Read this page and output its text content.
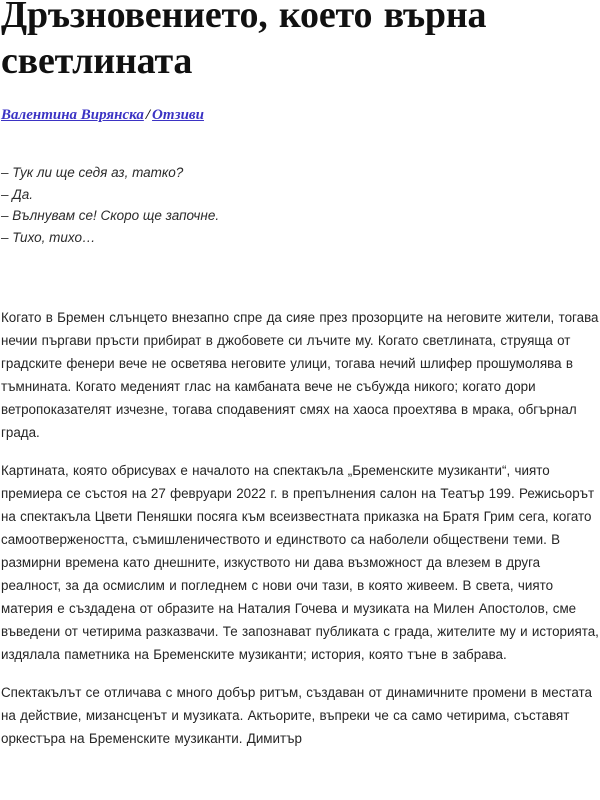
Дръзновението, което върна светлината

Валентина Вирянска / Отзиви

– Тук ли ще седя аз, татко?
– Да.
– Вълнувам се! Скоро ще започне.
– Тихо, тихо…

Когато в Бремен слънцето внезапно спре да сияе през прозорците на неговите жители, тогава нечии пъргави пръсти прибират в джобовете си лъчите му. Когато светлината, струяща от градските фенери вече не осветява неговите улици, тогава нечий шлифер прошумолява в тъмнината. Когато медeният глас на камбаната вече не събужда никого; когато дори ветропоказателят изчезне, тогава сподавеният смях на хаоса проехтява в мрака, обгърнал града.

Картината, която обрисувах е началото на спектакъла „Бременските музиканти“, чиято премиера се състоя на 27 февруари 2022 г. в препълнения салон на Театър 199. Режисьорът на спектакъла Цвети Пеняшки посяга към всеизвестната приказка на Братя Грим сега, когато самоотвержеността, съмишленичеството и единството са наболели обществени теми. В размирни времена като днешните, изкуството ни дава възможност да влезем в друга реалност, за да осмислим и погледнем с нови очи тази, в която живеем. В света, чиято материя е създадена от образите на Наталия Гочева и музиката на Милен Апостолов, сме въведени от четирима разказвачи. Те запознават публиката с града, жителите му и историята, издялала паметника на Бременските музиканти; история, която тъне в забрава.

Спектакълът се отличава с много добър ритъм, създаван от динамичните промени в местата на действие, мизансценът и музиката. Актьорите, въпреки че са само четирима, съставят оркестъра на Бременските музиканти. Димитър
